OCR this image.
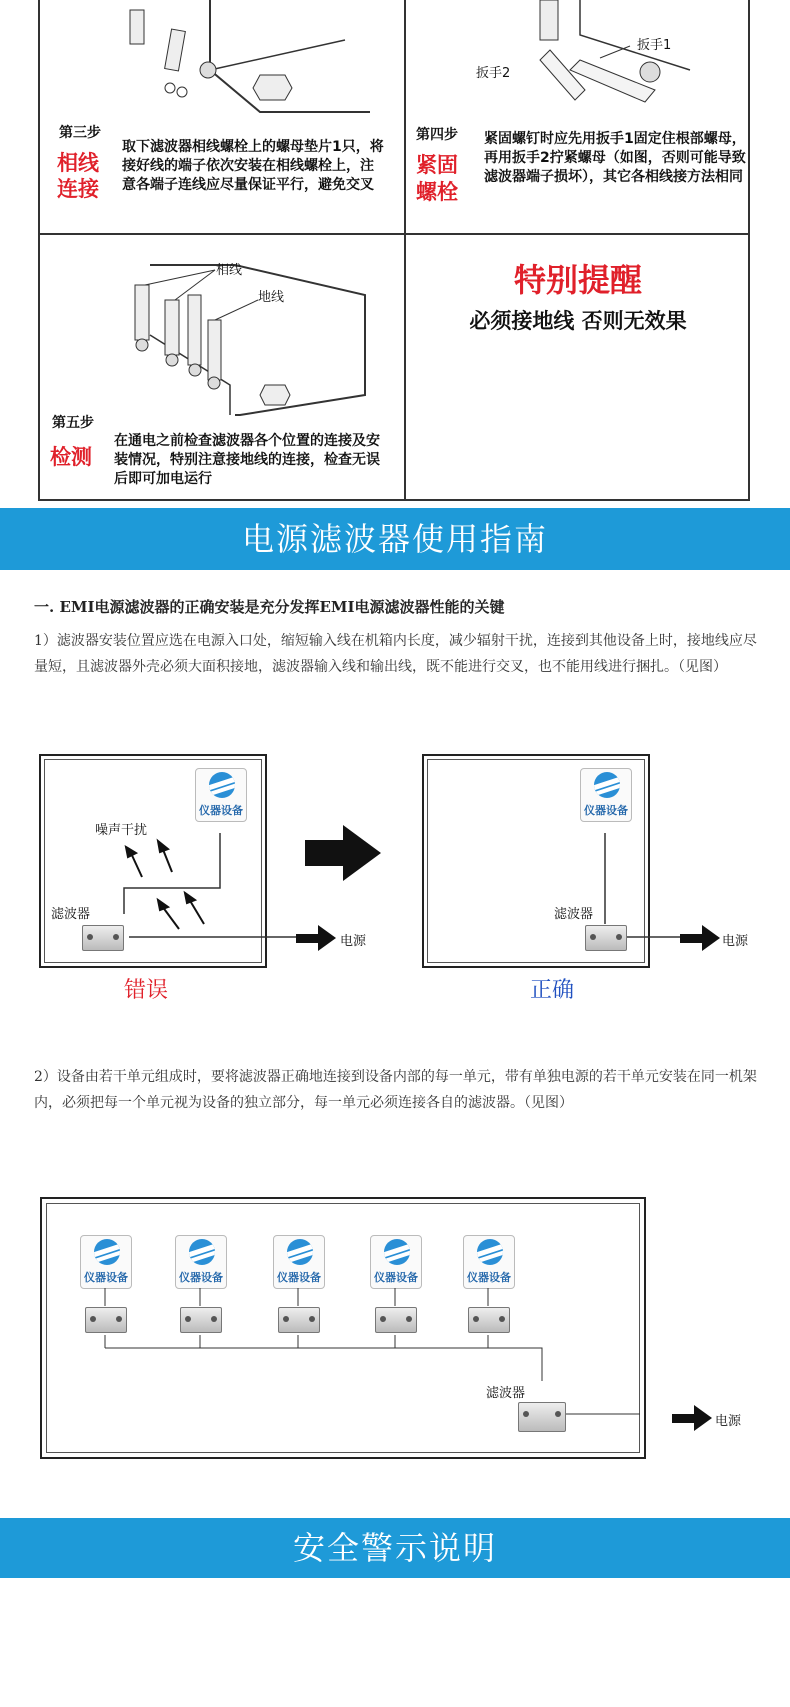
第三步
相线
连接
取下滤波器相线螺栓上的螺母垫片1只，将接好线的端子依次安装在相线螺栓上，注意各端子连线应尽量保证平行，避免交叉
扳手1
扳手2
第四步
紧固
螺栓
紧固螺钉时应先用扳手1固定住根部螺母，再用扳手2拧紧螺母（如图，否则可能导致滤波器端子损坏），其它各相线接方法相同
相线
地线
第五步
检测
在通电之前检查滤波器各个位置的连接及安装情况，特别注意接地线的连接，检查无误后即可加电运行
特别提醒
必须接地线 否则无效果
电源滤波器使用指南
一. EMI电源滤波器的正确安装是充分发挥EMI电源滤波器性能的关键
1）滤波器安装位置应选在电源入口处，缩短输入线在机箱内长度，减少辐射干扰，连接到其他设备上时，接地线应尽量短，且滤波器外壳必须大面积接地，滤波器输入线和输出线，既不能进行交叉，也不能用线进行捆扎。（见图）
仪器设备
噪声干扰
滤波器
电源
错误
仪器设备
滤波器
电源
正确
2）设备由若干单元组成时，要将滤波器正确地连接到设备内部的每一单元，带有单独电源的若干单元安装在同一机架内，必须把每一个单元视为设备的独立部分，每一单元必须连接各自的滤波器。（见图）
仪器设备	仪器设备	仪器设备	仪器设备	仪器设备
滤波器
电源
安全警示说明
